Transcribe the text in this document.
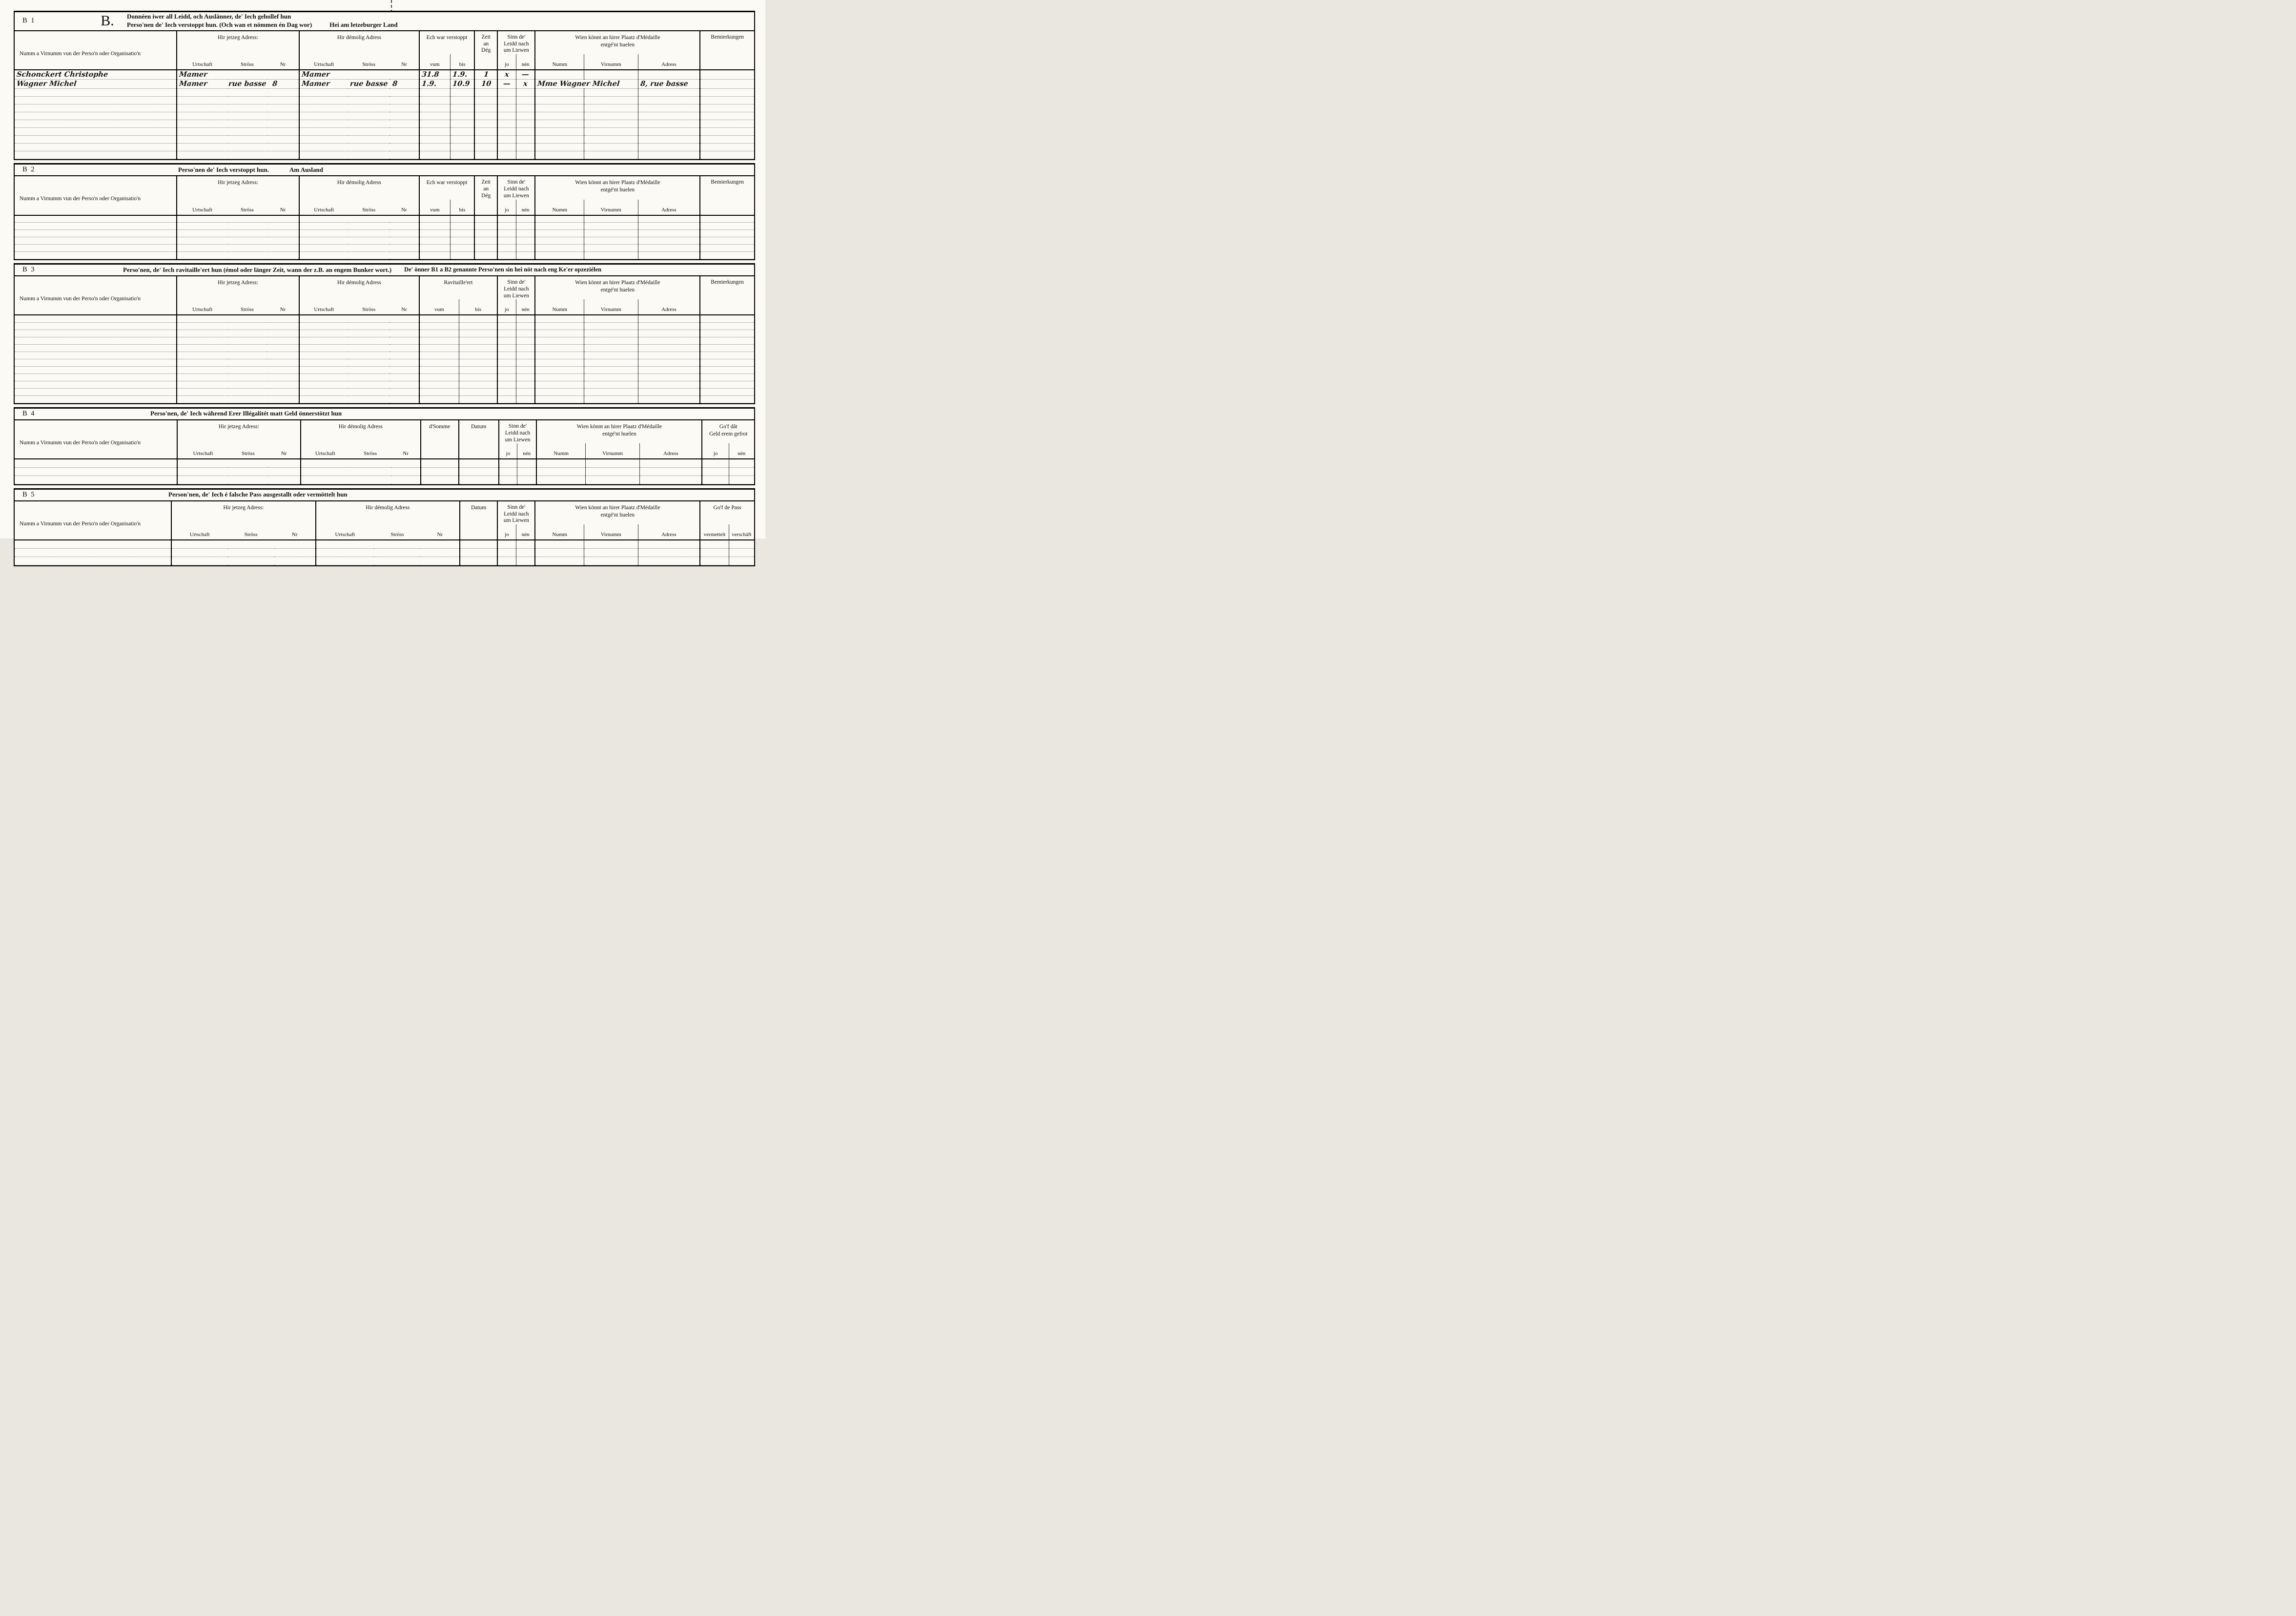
B 1	B.	Donnéen iwer all Leidd, och Auslänner, de' Iech gehollef hun
Perso'nen de' Iech verstoppt hun. (Och wan et nömmen én Dag wor)	Hei am letzeburger Land
Numm a Virnumm vun der Perso'n oder Organisatio'n	Hir jetzeg Adress:	Hir démolig Adress	Ech war verstoppt	Zeit
an
Dég

Sinn de'
Leidd nach
um Liewen

Wien könnt an hirer Plaatz d'Médaille
entgé'nt huelen
	Bemierkungen
	Urtschaft	Ströss	Nr	Urtschaft	Ströss	Nr	vum	bis		jo	nén	Numm	Virnumm	Adress	
Schonckert Christophe	Mamer			Mamer			31.8	1.9.	1	x	—				
Wagner Michel	Mamer rue basse 8			Mamer rue basse 8			1.9.	10.9	10	—	x	Mme Wagner Michel		8, rue basse	

B 2	Perso'nen de' Iech verstoppt hun.	Am Ausland
Numm a Virnumm vun der Perso'n oder Organisatio'n	Hir jetzeg Adress:	Hir démolig Adress	Ech war verstoppt	Zeit
an
Dég

Sinn de'
Leidd nach
um Liewen

Wien könnt an hirer Plaatz d'Médaille
entgé'nt huelen
	Bemierkungen
	Urtschaft	Ströss	Nr	Urtschaft	Ströss	Nr	vum	bis		jo	nén	Numm	Virnumm	Adress	

B 3	Perso'nen, de' Iech ravitaille'ert hun (émol oder länger Zeit, wann der z.B. an engem Bunker wort.) De' önner B1 a B2 genannte Perso'nen sin hei nöt nach eng Ke'er opzeziélen
Numm a Virnumm vun der Perso'n oder Organisatio'n	Hir jetzeg Adress:	Hir démolig Adress	Ravitaille'ert	Sinn de'
Leidd nach
um Liewen

Wien könnt an hirer Plaatz d'Médaille
entgé'nt huelen
	Bemierkungen
	Urtschaft	Ströss	Nr	Urtschaft	Ströss	Nr	vum	bis	jo	nén	Numm	Virnumm	Adress	

B 4	Perso'nen, de' Iech während Erer Illégalitét matt Geld önnerstötzt hun
Numm a Virnumm vun der Perso'n oder Organisatio'n	Hir jetzeg Adress:	Hir démolig Adress	d'Somme	Datum	Sinn de'
Leidd nach
um Liewen

Wien könnt an hirer Plaatz d'Médaille
entgé'nt huelen

Go'f dât
Geld erem gefrot

	Urtschaft	Ströss	Nr	Urtschaft	Ströss	Nr			jo	nén	Numm	Virnumm	Adress	jo	nén

B 5	Person'nen, de' Iech é falsche Pass ausgestallt oder vermöttelt hun
Numm a Virnumm vun der Perso'n oder Organisatio'n	Hir jetzeg Adress:	Hir démolig Adress	Datum	Sinn de'
Leidd nach
um Liewen

Wien könnt an hirer Plaatz d'Médaille
entgé'nt huelen
	Go'f de Pass
	Urtschaft	Ströss	Nr	Urtschaft	Ströss	Nr		jo	nén	Numm	Virnumm	Adress	vermettelt	verschäft
